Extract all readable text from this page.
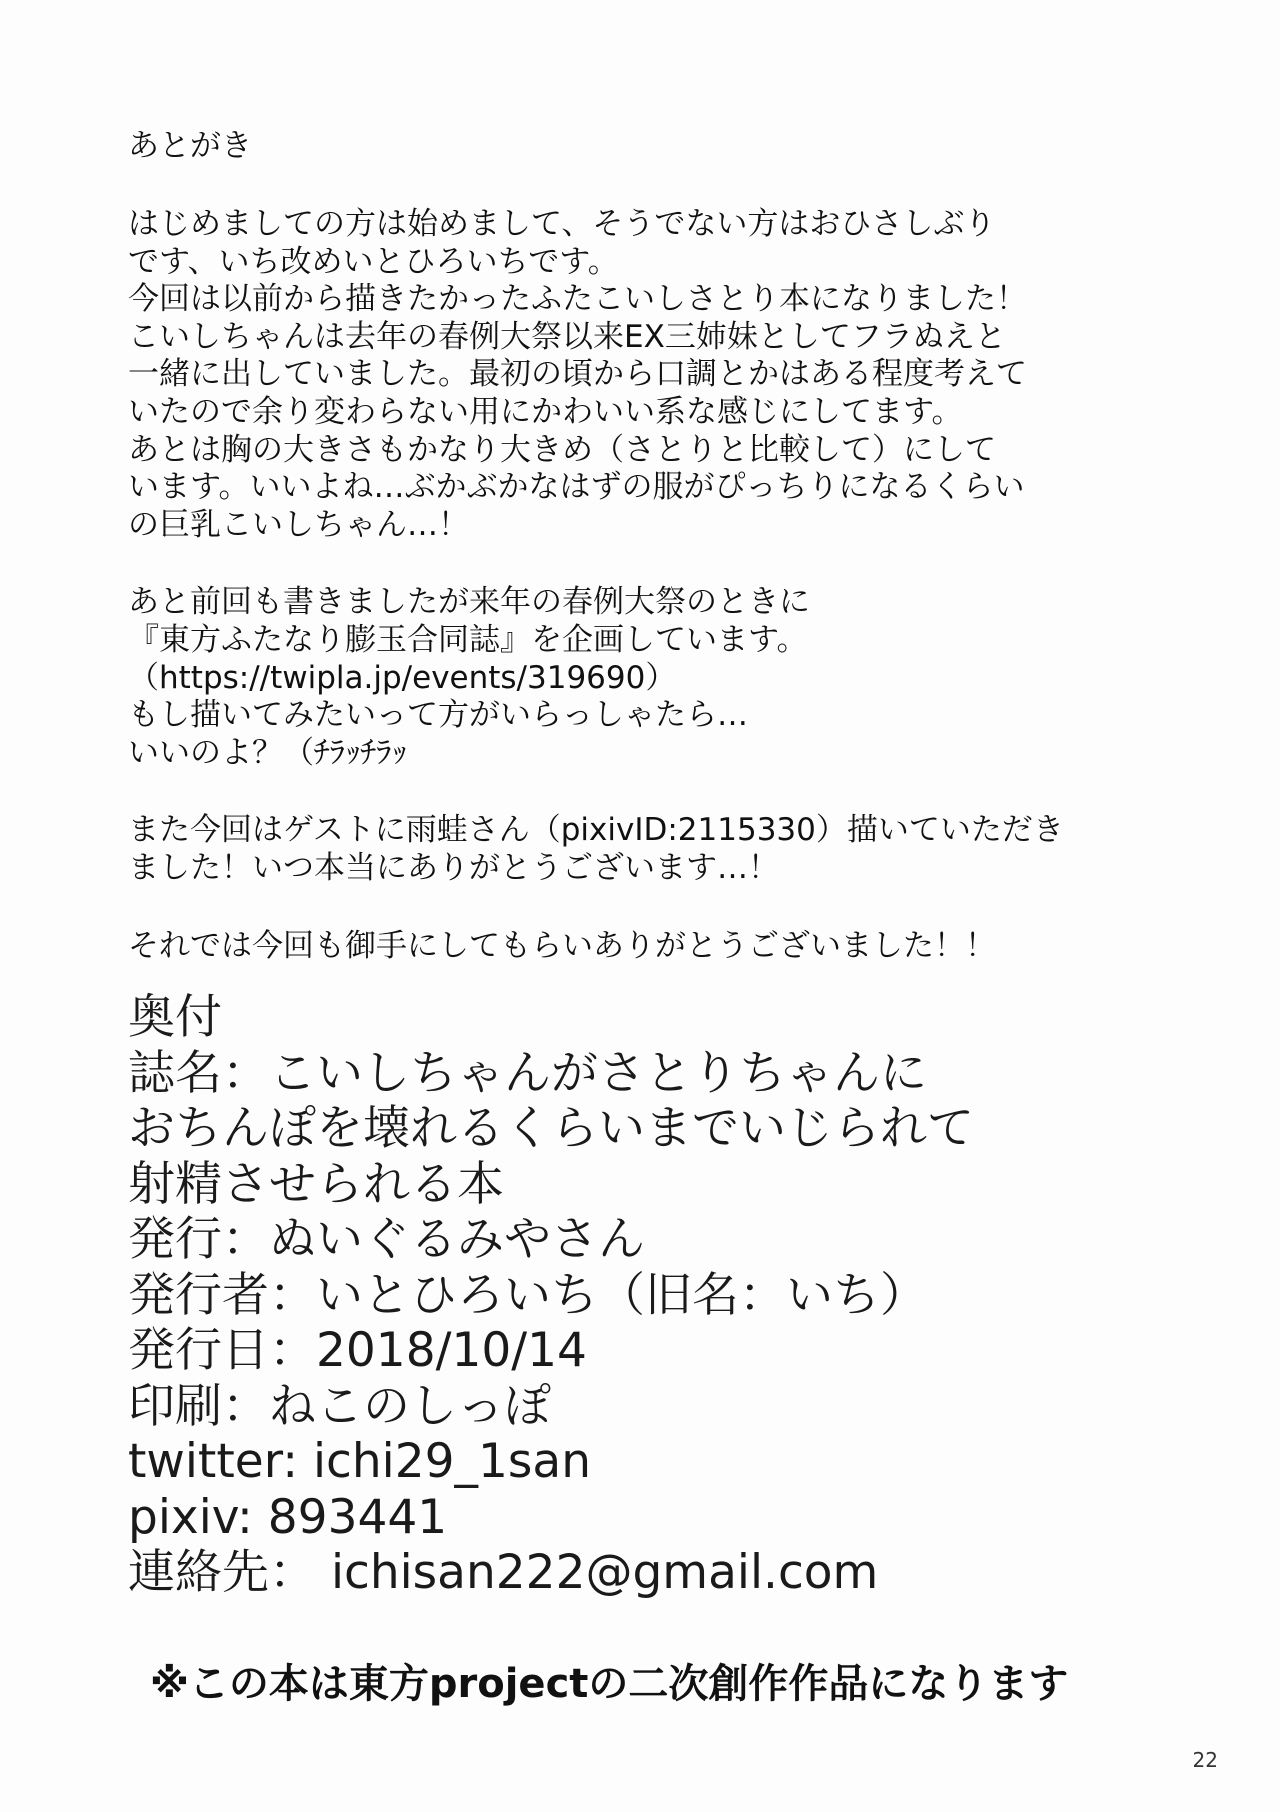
あとがき
はじめましての方は始めまして、そうでない方はおひさしぶり
です、いち改めいとひろいちです。
今回は以前から描きたかったふたこいしさとり本になりました！
こいしちゃんは去年の春例大祭以来EX三姉妹としてフラぬえと
一緒に出していました。最初の頃から口調とかはある程度考えて
いたので余り変わらない用にかわいい系な感じにしてます。
あとは胸の大きさもかなり大きめ（さとりと比較して）にして
います。いいよね…ぶかぶかなはずの服がぴっちりになるくらい
の巨乳こいしちゃん…！
あと前回も書きましたが来年の春例大祭のときに
『東方ふたなり膨玉合同誌』を企画しています。
（https://twipla.jp/events/319690）
もし描いてみたいって方がいらっしゃたら…
いいのよ？（ﾁﾗｯﾁﾗｯ
また今回はゲストに雨蛙さん（pixivID:2115330）描いていただき
ました！いつ本当にありがとうございます…！
それでは今回も御手にしてもらいありがとうございました！！
奥付
誌名：こいしちゃんがさとりちゃんに
おちんぽを壊れるくらいまでいじられて
射精させられる本
発行：ぬいぐるみやさん
発行者：いとひろいち（旧名：いち）
発行日：2018/10/14
印刷：ねこのしっぽ
twitter: ichi29_1san
pixiv: 893441
連絡先： ichisan222@gmail.com
※この本は東方projectの二次創作作品になります
22
